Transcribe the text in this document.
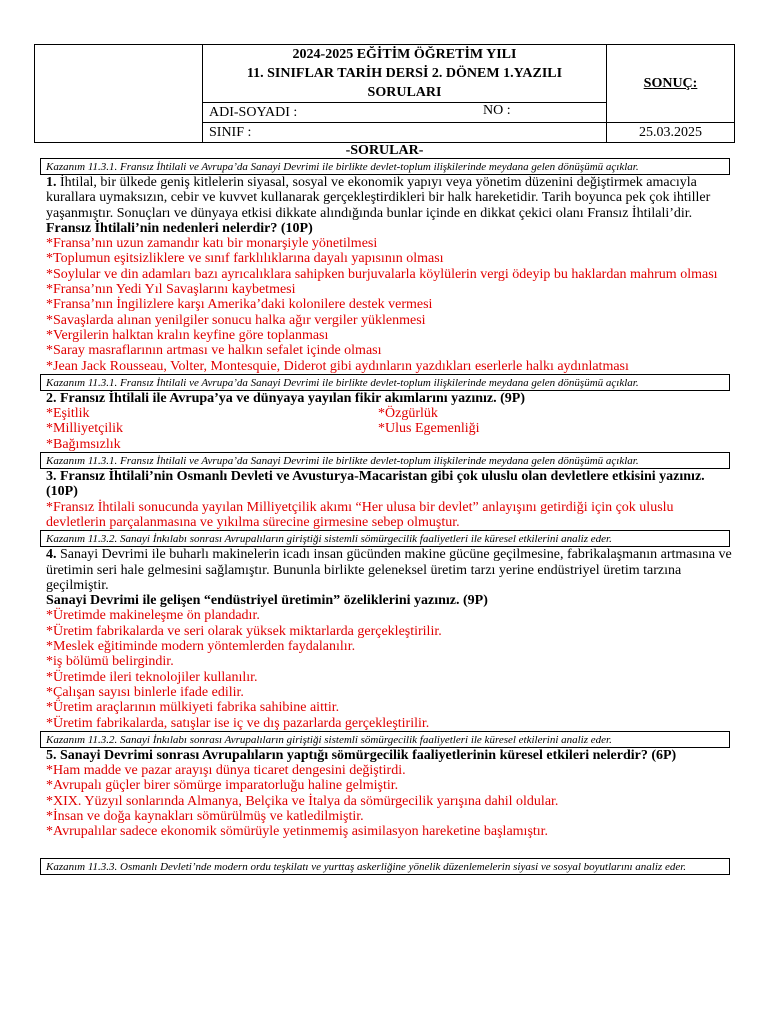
	2024-2025 EĞİTİM ÖĞRETİM YILI
11. SINIFLAR TARİH DERSİ 2. DÖNEM 1.YAZILI
SORULARI	SONUÇ:
	ADI-SOYADI : NO :	

	SINIF :	25.03.2025
-SORULAR-
Kazanım 11.3.1. Fransız İhtilali ve Avrupa’da Sanayi Devrimi ile birlikte devlet-toplum ilişkilerinde meydana gelen dönüşümü açıklar.
1. İhtilal, bir ülkede geniş kitlelerin siyasal, sosyal ve ekonomik yapıyı veya yönetim düzenini değiştirmek amacıyla kurallara uymaksızın, cebir ve kuvvet kullanarak gerçekleştirdikleri bir halk hareketidir. Tarih boyunca pek çok ihtiller yaşanmıştır. Sonuçları ve dünyaya etkisi dikkate alındığında bunlar içinde en dikkat çekici olanı Fransız İhtilali’dir.
Fransız İhtilali’nin nedenleri nelerdir? (10P)
*Fransa’nın uzun zamandır katı bir monarşiyle yönetilmesi
*Toplumun eşitsizliklere ve sınıf farklılıklarına dayalı yapısının olması
*Soylular ve din adamları bazı ayrıcalıklara sahipken burjuvalarla köylülerin vergi ödeyip bu haklardan mahrum olması
*Fransa’nın Yedi Yıl Savaşlarını kaybetmesi
*Fransa’nın İngilizlere karşı Amerika’daki kolonilere destek vermesi
*Savaşlarda alınan yenilgiler sonucu halka ağır vergiler yüklenmesi
*Vergilerin halktan kralın keyfine göre toplanması
*Saray masraflarının artması ve halkın sefalet içinde olması
*Jean Jack Rousseau, Volter, Montesquie, Diderot gibi aydınların yazdıkları eserlerle halkı aydınlatması
Kazanım 11.3.1. Fransız İhtilali ve Avrupa’da Sanayi Devrimi ile birlikte devlet-toplum ilişkilerinde meydana gelen dönüşümü açıklar.
2. Fransız İhtilali ile Avrupa’ya ve dünyaya yayılan fikir akımlarını yazınız. (9P)
*Eşitlik
*Milliyetçilik
*Bağımsızlık
*Özgürlük
*Ulus Egemenliği
Kazanım 11.3.1. Fransız İhtilali ve Avrupa’da Sanayi Devrimi ile birlikte devlet-toplum ilişkilerinde meydana gelen dönüşümü açıklar.
3. Fransız İhtilali’nin Osmanlı Devleti ve Avusturya-Macaristan gibi çok uluslu olan devletlere etkisini yazınız. (10P)
*Fransız İhtilali sonucunda yayılan Milliyetçilik akımı “Her ulusa bir devlet” anlayışını getirdiği için çok uluslu devletlerin parçalanmasına ve yıkılma sürecine girmesine sebep olmuştur.
Kazanım 11.3.2. Sanayi İnkılabı sonrası Avrupalıların giriştiği sistemli sömürgecilik faaliyetleri ile küresel etkilerini analiz eder.
4. Sanayi Devrimi ile buharlı makinelerin icadı insan gücünden makine gücüne geçilmesine, fabrikalaşmanın artmasına ve üretimin seri hale gelmesini sağlamıştır. Bununla birlikte geleneksel üretim tarzı yerine endüstriyel üretim tarzına geçilmiştir.
Sanayi Devrimi ile gelişen “endüstriyel üretimin” özeliklerini yazınız. (9P)
*Üretimde makineleşme ön plandadır.
*Üretim fabrikalarda ve seri olarak yüksek miktarlarda gerçekleştirilir.
*Meslek eğitiminde modern yöntemlerden faydalanılır.
*iş bölümü belirgindir.
*Üretimde ileri teknolojiler kullanılır.
*Çalışan sayısı binlerle ifade edilir.
*Üretim araçlarının mülkiyeti fabrika sahibine aittir.
*Üretim fabrikalarda, satışlar ise iç ve dış pazarlarda gerçekleştirilir.
Kazanım 11.3.2. Sanayi İnkılabı sonrası Avrupalıların giriştiği sistemli sömürgecilik faaliyetleri ile küresel etkilerini analiz eder.
5. Sanayi Devrimi sonrası Avrupalıların yaptığı sömürgecilik faaliyetlerinin küresel etkileri nelerdir? (6P)
*Ham madde ve pazar arayışı dünya ticaret dengesini değiştirdi.
*Avrupalı güçler birer sömürge imparatorluğu haline gelmiştir.
*XIX. Yüzyıl sonlarında Almanya, Belçika ve İtalya da sömürgecilik yarışına dahil oldular.
*İnsan ve doğa kaynakları sömürülmüş ve katledilmiştir.
*Avrupalılar sadece ekonomik sömürüyle yetinmemiş asimilasyon hareketine başlamıştır.
Kazanım 11.3.3. Osmanlı Devleti’nde modern ordu teşkilatı ve yurttaş askerliğine yönelik düzenlemelerin siyasi ve sosyal boyutlarını analiz eder.
